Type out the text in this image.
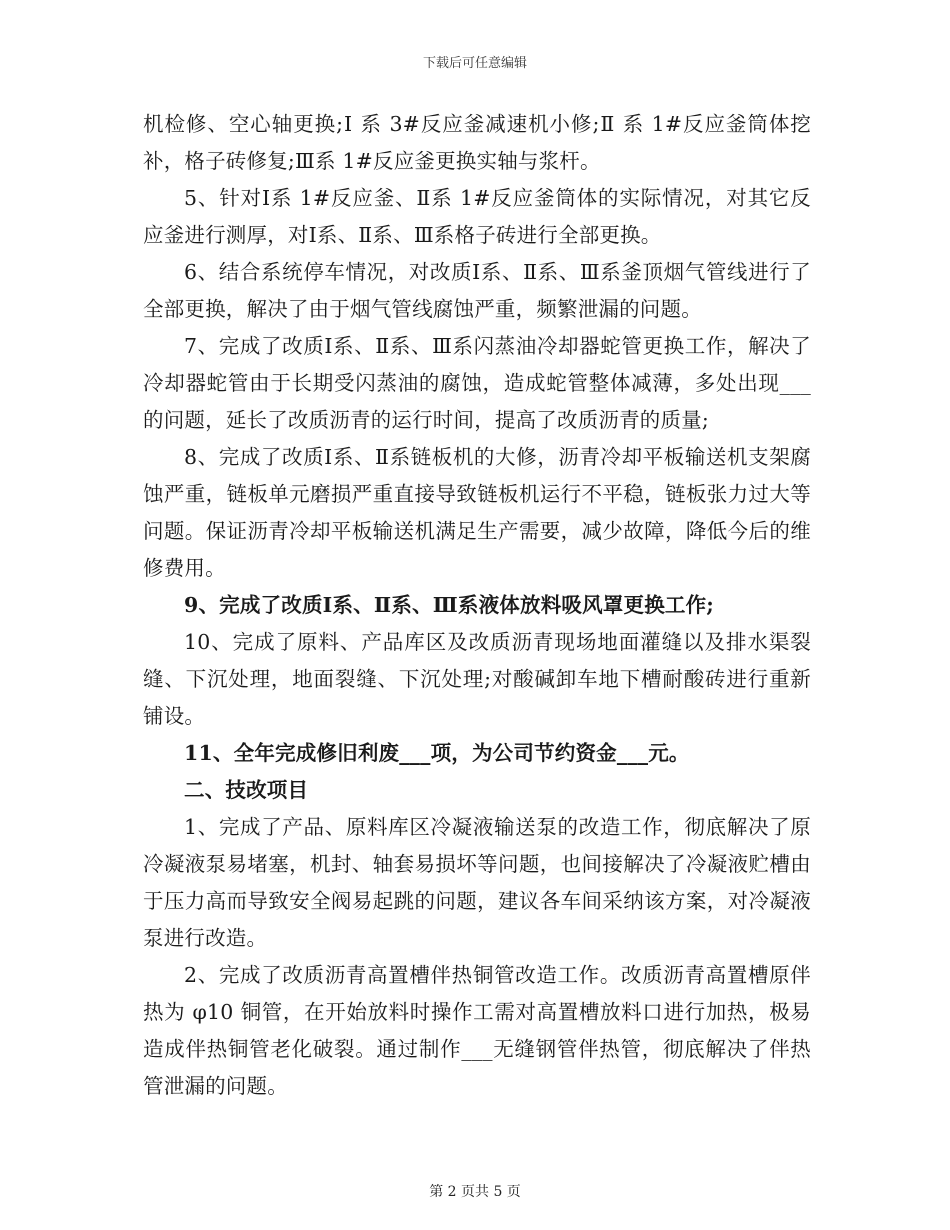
下载后可任意编辑

机检修、空心轴更换;Ⅰ 系 3#反应釜减速机小修;Ⅱ 系 1#反应釜筒体挖补，格子砖修复;Ⅲ系 1#反应釜更换实轴与浆杆。

5、针对Ⅰ系 1#反应釜、Ⅱ系 1#反应釜筒体的实际情况，对其它反应釜进行测厚，对Ⅰ系、Ⅱ系、Ⅲ系格子砖进行全部更换。

6、结合系统停车情况，对改质Ⅰ系、Ⅱ系、Ⅲ系釜顶烟气管线进行了全部更换，解决了由于烟气管线腐蚀严重，频繁泄漏的问题。

7、完成了改质Ⅰ系、Ⅱ系、Ⅲ系闪蒸油冷却器蛇管更换工作，解决了冷却器蛇管由于长期受闪蒸油的腐蚀，造成蛇管整体减薄，多处出现___的问题，延长了改质沥青的运行时间，提高了改质沥青的质量;

8、完成了改质Ⅰ系、Ⅱ系链板机的大修，沥青冷却平板输送机支架腐蚀严重，链板单元磨损严重直接导致链板机运行不平稳，链板张力过大等问题。保证沥青冷却平板输送机满足生产需要，减少故障，降低今后的维修费用。

9、完成了改质Ⅰ系、Ⅱ系、Ⅲ系液体放料吸风罩更换工作;

10、完成了原料、产品库区及改质沥青现场地面灌缝以及排水渠裂缝、下沉处理，地面裂缝、下沉处理;对酸碱卸车地下槽耐酸砖进行重新铺设。

11、全年完成修旧利废___项，为公司节约资金___元。

二、技改项目

1、完成了产品、原料库区冷凝液输送泵的改造工作，彻底解决了原冷凝液泵易堵塞，机封、轴套易损坏等问题，也间接解决了冷凝液贮槽由于压力高而导致安全阀易起跳的问题，建议各车间采纳该方案，对冷凝液泵进行改造。

2、完成了改质沥青高置槽伴热铜管改造工作。改质沥青高置槽原伴热为 φ10 铜管，在开始放料时操作工需对高置槽放料口进行加热，极易造成伴热铜管老化破裂。通过制作___无缝钢管伴热管，彻底解决了伴热管泄漏的问题。

第 2 页共 5 页
